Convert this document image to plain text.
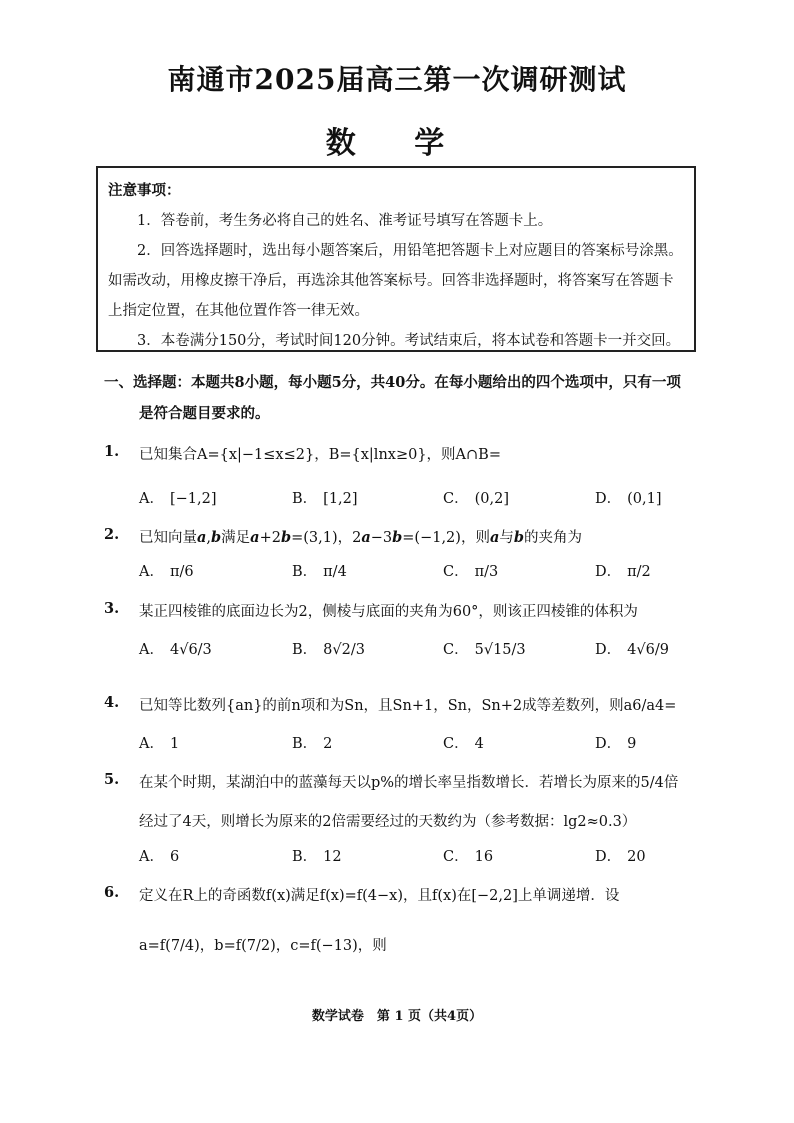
南通市2025届高三第一次调研测试
数 学

注意事项：

1．答卷前，考生务必将自己的姓名、准考证号填写在答题卡上。

2．回答选择题时，选出每小题答案后，用铅笔把答题卡上对应题目的答案标号涂黑。如需改动，用橡皮擦干净后，再选涂其他答案标号。回答非选择题时，将答案写在答题卡上指定位置，在其他位置作答一律无效。

3．本卷满分150分，考试时间120分钟。考试结束后，将本试卷和答题卡一并交回。

一、选择题：本题共8小题，每小题5分，共40分。在每小题给出的四个选项中，只有一项
是符合题目要求的。
1. 已知集合A={x|−1≤x≤2}，B={x|lnx≥0}，则A∩B=
A． [−1,2]	B． [1,2]	C． (0,2]	D． (0,1]
2. 已知向量a,b满足a+2b=(3,1)，2a−3b=(−1,2)，则a与b的夹角为
A． π/6	B． π/4	C． π/3	D． π/2
3. 某正四棱锥的底面边长为2，侧棱与底面的夹角为60°，则该正四棱锥的体积为
A． 4√6/3	B． 8√2/3	C． 5√15/3	D． 4√6/9
4. 已知等比数列{an}的前n项和为Sn，且Sn+1，Sn，Sn+2成等差数列，则a6/a4=
A． 1	B． 2	C． 4	D． 9
5. 在某个时期，某湖泊中的蓝藻每天以p%的增长率呈指数增长．若增长为原来的5/4倍
经过了4天，则增长为原来的2倍需要经过的天数约为（参考数据：lg2≈0.3）
A． 6	B． 12	C． 16	D． 20
6. 定义在R上的奇函数f(x)满足f(x)=f(4−x)，且f(x)在[−2,2]上单调递增．设
a=f(7/4)，b=f(7/2)，c=f(−13)，则
数学试卷　第 1 页（共4页）
